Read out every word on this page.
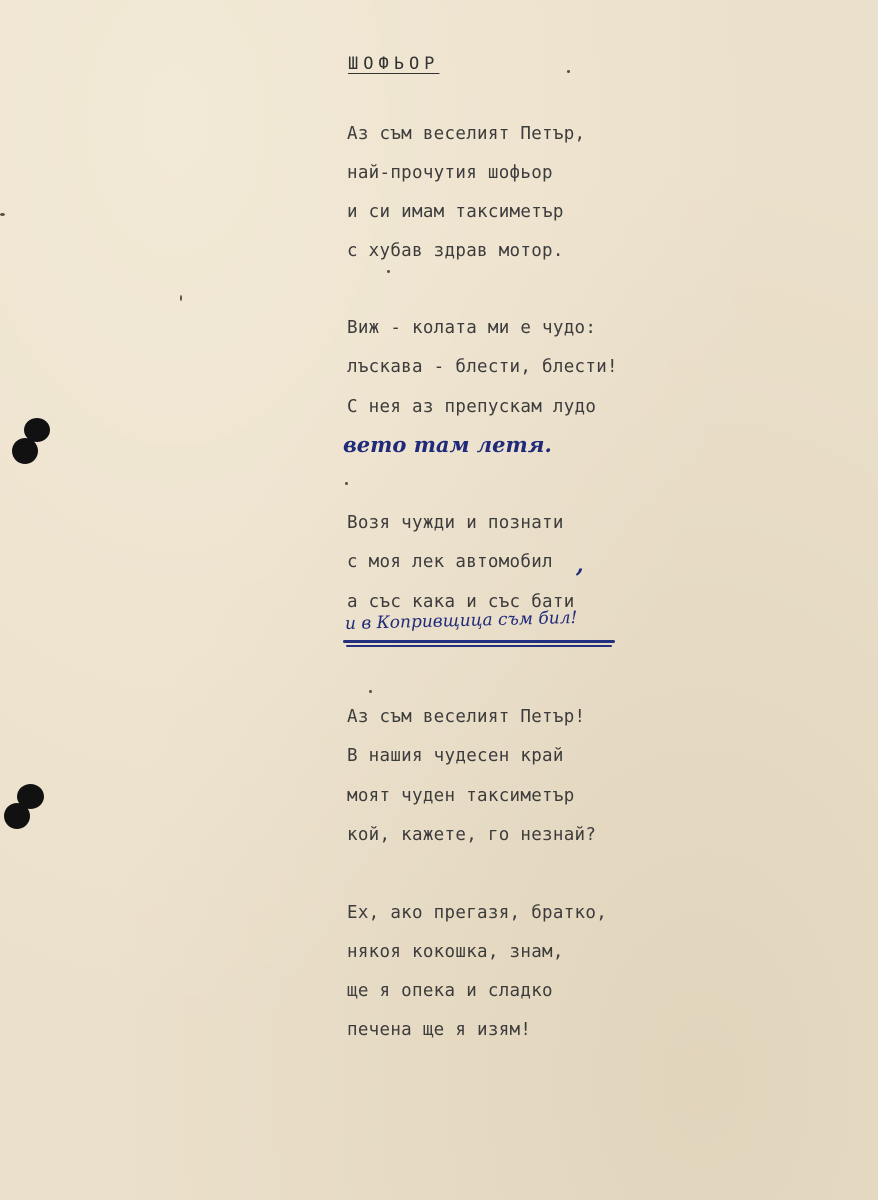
ШОФЬОР
Аз съм веселият Петър,
най-прочутия шофьор
и си имам таксиметър
с хубав здрав мотор.
Виж - колата ми е чудо:
лъскава - блести, блести!
С нея аз препускам лудо
вето там летя.
Возя чужди и познати
с моя лек автомобил ,
а със кака и със бати
и в Копривщица съм бил!
Аз съм веселият Петър!
В нашия чудесен край
моят чуден таксиметър
кой, кажете, го незнай?
Ех, ако прегазя, братко,
някоя кокошка, знам,
ще я опека и сладко
печена ще я изям!
